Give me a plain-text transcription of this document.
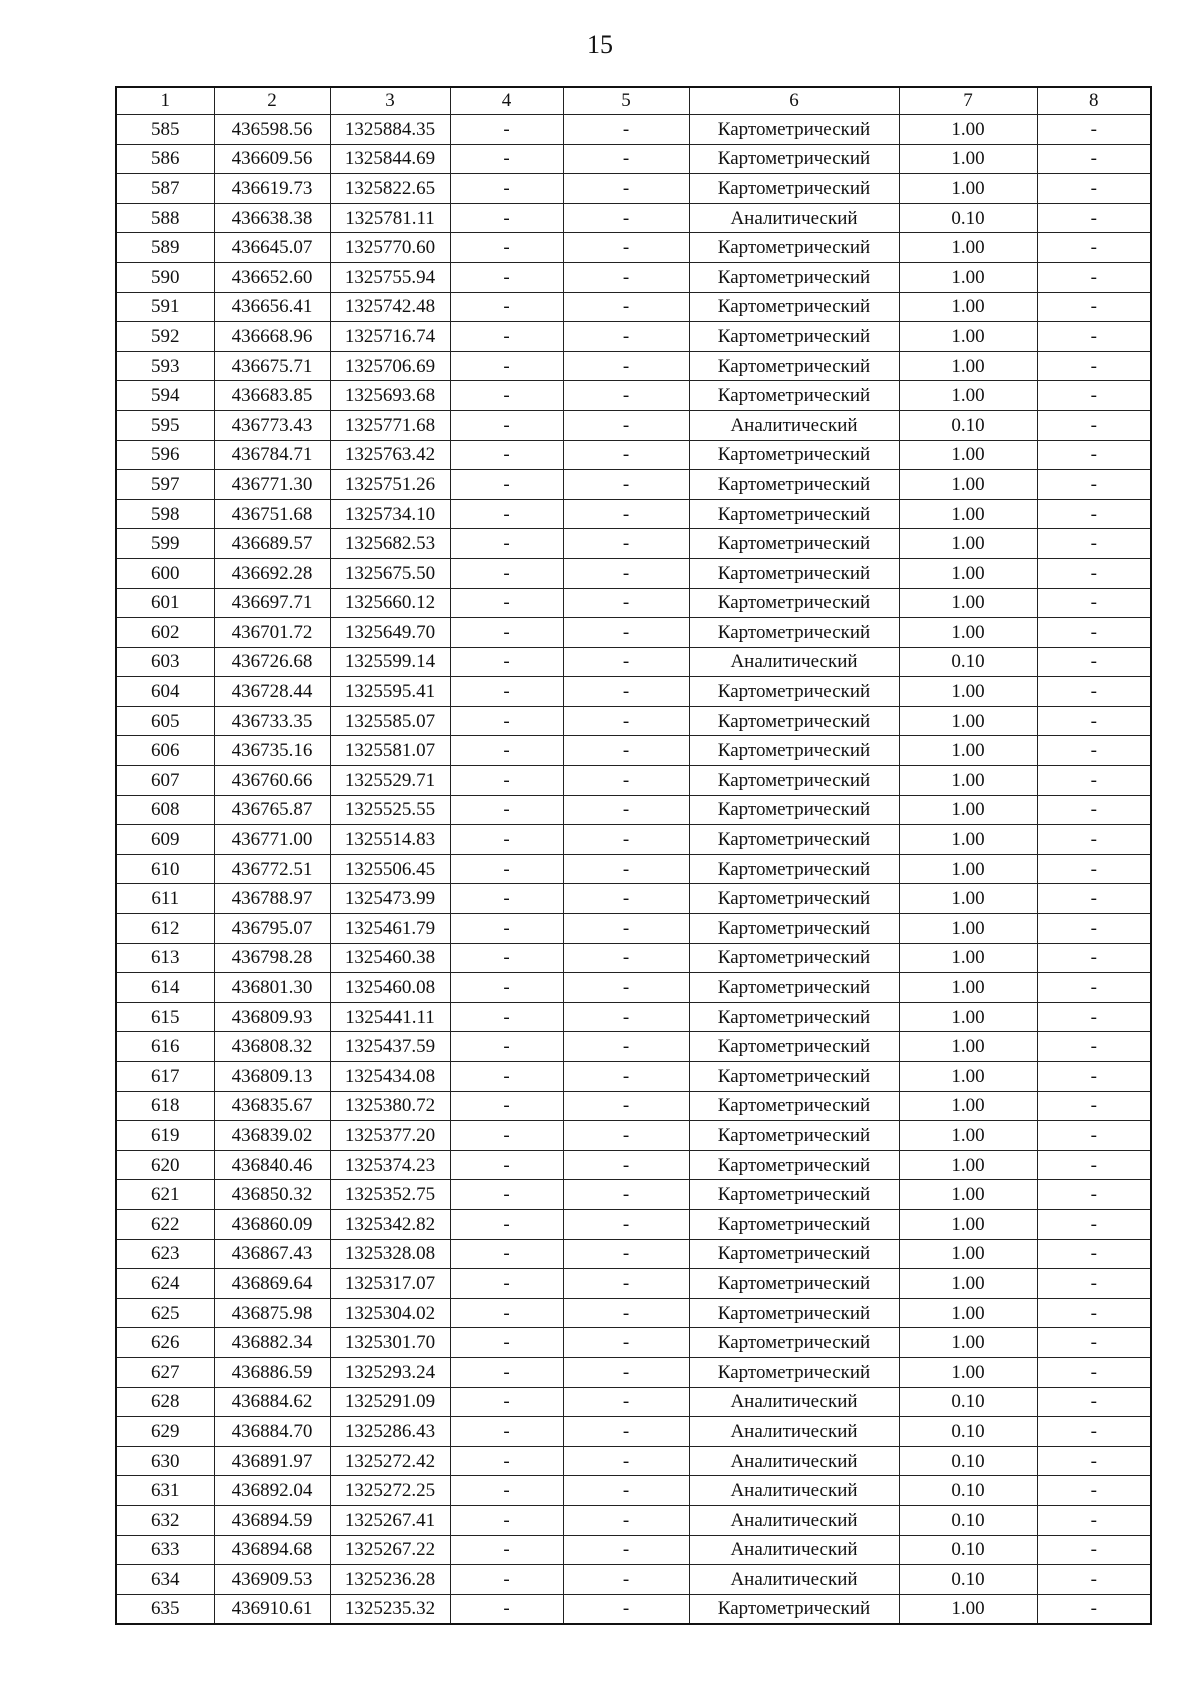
15
1	2	3	4	5	6	7	8
585	436598.56	1325884.35	-	-	Картометрический	1.00	-
586	436609.56	1325844.69	-	-	Картометрический	1.00	-
587	436619.73	1325822.65	-	-	Картометрический	1.00	-
588	436638.38	1325781.11	-	-	Аналитический	0.10	-
589	436645.07	1325770.60	-	-	Картометрический	1.00	-
590	436652.60	1325755.94	-	-	Картометрический	1.00	-
591	436656.41	1325742.48	-	-	Картометрический	1.00	-
592	436668.96	1325716.74	-	-	Картометрический	1.00	-
593	436675.71	1325706.69	-	-	Картометрический	1.00	-
594	436683.85	1325693.68	-	-	Картометрический	1.00	-
595	436773.43	1325771.68	-	-	Аналитический	0.10	-
596	436784.71	1325763.42	-	-	Картометрический	1.00	-
597	436771.30	1325751.26	-	-	Картометрический	1.00	-
598	436751.68	1325734.10	-	-	Картометрический	1.00	-
599	436689.57	1325682.53	-	-	Картометрический	1.00	-
600	436692.28	1325675.50	-	-	Картометрический	1.00	-
601	436697.71	1325660.12	-	-	Картометрический	1.00	-
602	436701.72	1325649.70	-	-	Картометрический	1.00	-
603	436726.68	1325599.14	-	-	Аналитический	0.10	-
604	436728.44	1325595.41	-	-	Картометрический	1.00	-
605	436733.35	1325585.07	-	-	Картометрический	1.00	-
606	436735.16	1325581.07	-	-	Картометрический	1.00	-
607	436760.66	1325529.71	-	-	Картометрический	1.00	-
608	436765.87	1325525.55	-	-	Картометрический	1.00	-
609	436771.00	1325514.83	-	-	Картометрический	1.00	-
610	436772.51	1325506.45	-	-	Картометрический	1.00	-
611	436788.97	1325473.99	-	-	Картометрический	1.00	-
612	436795.07	1325461.79	-	-	Картометрический	1.00	-
613	436798.28	1325460.38	-	-	Картометрический	1.00	-
614	436801.30	1325460.08	-	-	Картометрический	1.00	-
615	436809.93	1325441.11	-	-	Картометрический	1.00	-
616	436808.32	1325437.59	-	-	Картометрический	1.00	-
617	436809.13	1325434.08	-	-	Картометрический	1.00	-
618	436835.67	1325380.72	-	-	Картометрический	1.00	-
619	436839.02	1325377.20	-	-	Картометрический	1.00	-
620	436840.46	1325374.23	-	-	Картометрический	1.00	-
621	436850.32	1325352.75	-	-	Картометрический	1.00	-
622	436860.09	1325342.82	-	-	Картометрический	1.00	-
623	436867.43	1325328.08	-	-	Картометрический	1.00	-
624	436869.64	1325317.07	-	-	Картометрический	1.00	-
625	436875.98	1325304.02	-	-	Картометрический	1.00	-
626	436882.34	1325301.70	-	-	Картометрический	1.00	-
627	436886.59	1325293.24	-	-	Картометрический	1.00	-
628	436884.62	1325291.09	-	-	Аналитический	0.10	-
629	436884.70	1325286.43	-	-	Аналитический	0.10	-
630	436891.97	1325272.42	-	-	Аналитический	0.10	-
631	436892.04	1325272.25	-	-	Аналитический	0.10	-
632	436894.59	1325267.41	-	-	Аналитический	0.10	-
633	436894.68	1325267.22	-	-	Аналитический	0.10	-
634	436909.53	1325236.28	-	-	Аналитический	0.10	-
635	436910.61	1325235.32	-	-	Картометрический	1.00	-
